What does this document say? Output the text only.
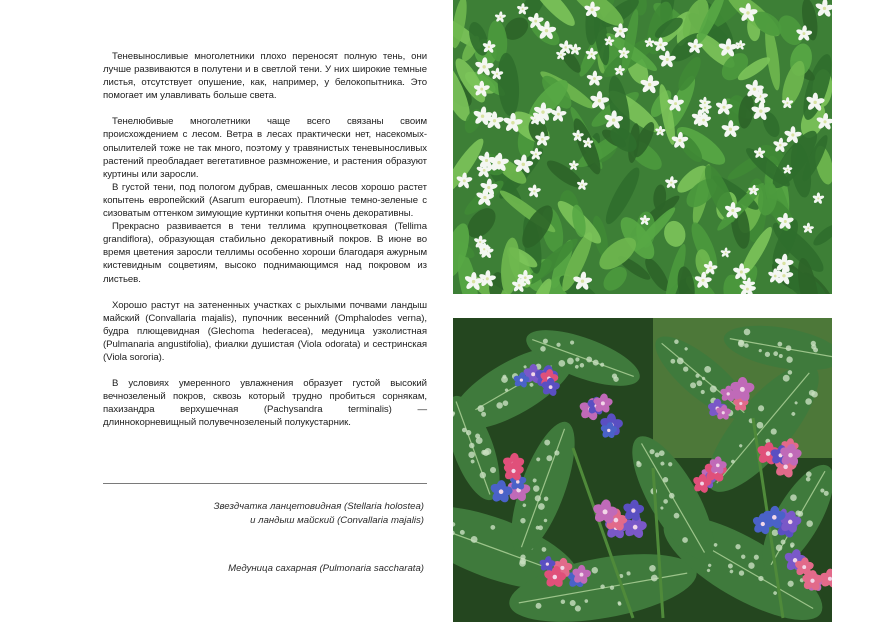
Теневыносливые многолетники плохо переносят полную тень, они лучше развиваются в полутени и в светлой тени. У них широкие темные листья, отсутствует опушение, как, например, у белокопытника. Это помогает им улавливать больше света.

Тенелюбивые многолетники чаще всего связаны своим происхождением с лесом. Ветра в лесах практически нет, насекомых-опылителей тоже не так много, поэтому у травянистых теневыносливых растений преобладает вегетативное размножение, и растения образуют куртины или заросли.

В густой тени, под пологом дубрав, смешанных лесов хорошо растет копытень европейский (Asarum europaeum). Плотные темно-зеленые с сизоватым оттенком зимующие куртинки копытня очень декоративны.

Прекрасно развивается в тени теллима крупноцветковая (Tellima grandiflora), образующая стабильно декоративный покров. В июне во время цветения заросли теллимы особенно хороши благодаря ажурным кистевидным соцветиям, высоко поднимающимся над покровом из листьев.

Хорошо растут на затененных участках с рыхлыми почвами ландыш майский (Convallaria majalis), пупочник весенний (Omphalodes verna), будра плющевидная (Glechoma hederacea), медуница узколистная (Pulmanaria angustifolia), фиалки душистая (Viola odorata) и сестринская (Viola sororia).

В условиях умеренного увлажнения образует густой высокий вечнозеленый покров, сквозь который трудно пробиться сорнякам, пахизандра верхушечная (Pachysandra terminalis) — длиннокорневищный полувечнозеленый полукустарник.

Звездчатка ланцетовидная (Stellaria holostea)
и ландыш майский (Convallaria majalis)
Медуница сахарная (Pulmonaria saccharata)
